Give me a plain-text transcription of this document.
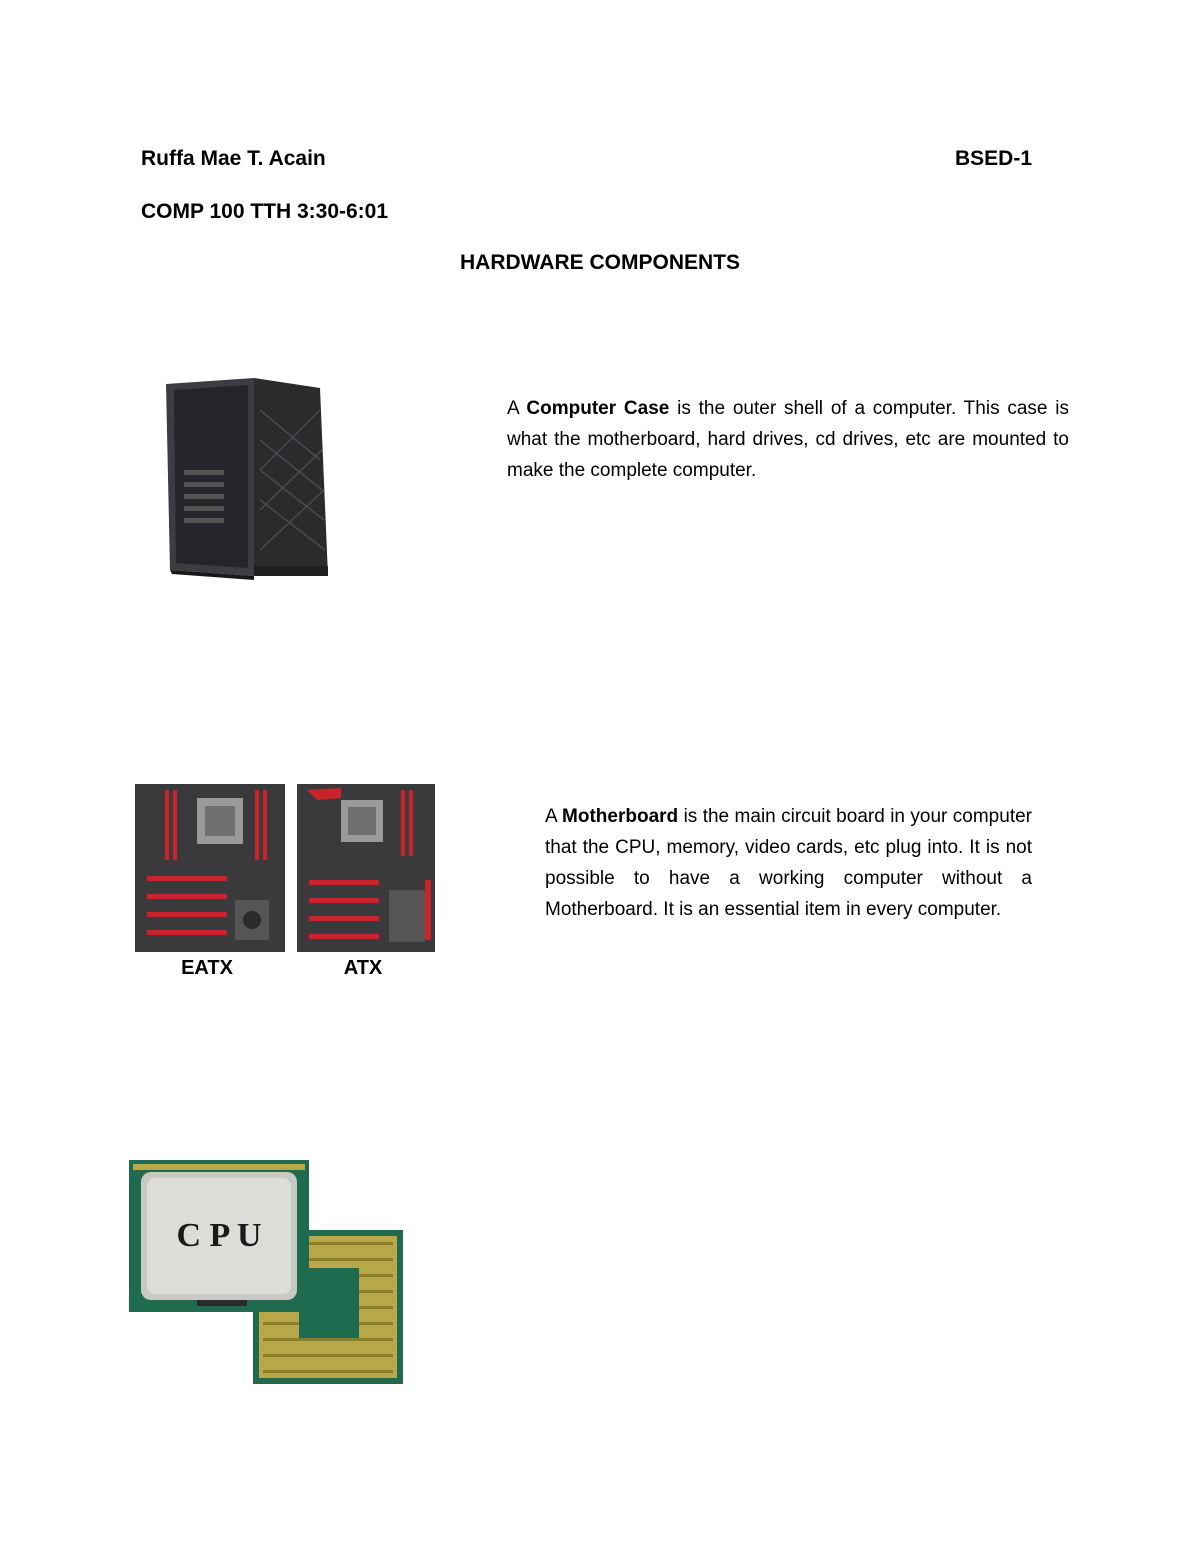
Ruffa Mae T. Acain	BSED-1
COMP 100 TTH 3:30-6:01
HARDWARE COMPONENTS
A Computer Case is the outer shell of a computer. This case is what the motherboard, hard drives, cd drives, etc are mounted to make the complete computer.
EATX	ATX
A Motherboard is the main circuit board in your computer that the CPU, memory, video cards, etc plug into. It is not possible to have a working computer without a Motherboard. It is an essential item in every computer.
C P U
